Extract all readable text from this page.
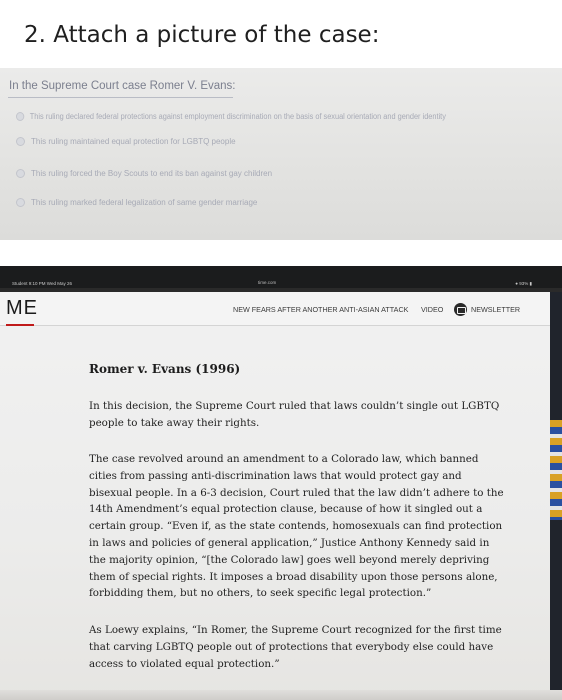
2. Attach a picture of the case:
In the Supreme Court case Romer V. Evans:
This ruling declared federal protections against employment discrimination on the basis of sexual orientation and gender identity
This ruling maintained equal protection for LGBTQ people
This ruling forced the Boy Scouts to end its ban against gay children
This ruling marked federal legalization of same gender marriage
Student 9:10 PM Wed May 26	time.com	● 93% ▮
ME	NEW FEARS AFTER ANOTHER ANTI-ASIAN ATTACK VIDEO	NEWSLETTER
Romer v. Evans (1996)
In this decision, the Supreme Court ruled that laws couldn’t single out LGBTQ
people to take away their rights.
The case revolved around an amendment to a Colorado law, which banned
cities from passing anti-discrimination laws that would protect gay and
bisexual people. In a 6-3 decision, Court ruled that the law didn’t adhere to the
14th Amendment’s equal protection clause, because of how it singled out a
certain group. “Even if, as the state contends, homosexuals can find protection
in laws and policies of general application,” Justice Anthony Kennedy said in
the majority opinion, “[the Colorado law] goes well beyond merely depriving
them of special rights. It imposes a broad disability upon those persons alone,
forbidding them, but no others, to seek specific legal protection.”
As Loewy explains, “In Romer, the Supreme Court recognized for the first time
that carving LGBTQ people out of protections that everybody else could have
access to violated equal protection.”
